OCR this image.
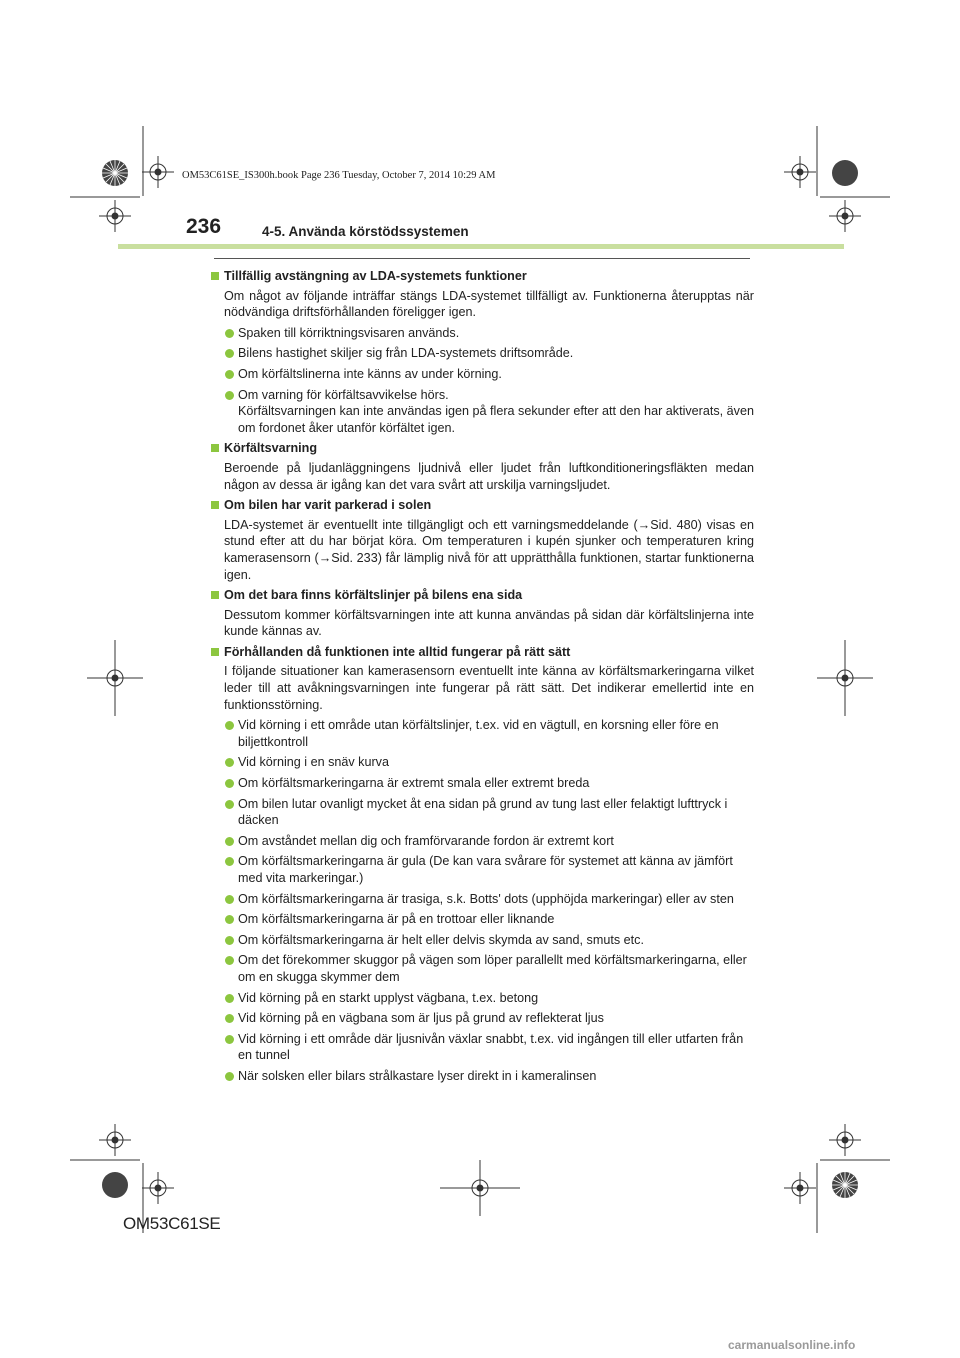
OM53C61SE_IS300h.book Page 236 Tuesday, October 7, 2014 10:29 AM
236	4-5. Använda körstödssystemen
Tillfällig avstängning av LDA-systemets funktioner
Om något av följande inträffar stängs LDA-systemet tillfälligt av. Funktionerna återupptas när nödvändiga driftsförhållanden föreligger igen.
Spaken till körriktningsvisaren används.
Bilens hastighet skiljer sig från LDA-systemets driftsområde.
Om körfältslinerna inte känns av under körning.
Om varning för körfältsavvikelse hörs.
Körfältsvarningen kan inte användas igen på flera sekunder efter att den har aktiverats, även om fordonet åker utanför körfältet igen.
Körfältsvarning
Beroende på ljudanläggningens ljudnivå eller ljudet från luftkonditioneringsfläkten medan någon av dessa är igång kan det vara svårt att urskilja varningsljudet.
Om bilen har varit parkerad i solen
LDA-systemet är eventuellt inte tillgängligt och ett varningsmeddelande (→Sid. 480) visas en stund efter att du har börjat köra. Om temperaturen i kupén sjunker och temperaturen kring kamerasensorn (→Sid. 233) får lämplig nivå för att upprätthålla funktionen, startar funktionerna igen.
Om det bara finns körfältslinjer på bilens ena sida
Dessutom kommer körfältsvarningen inte att kunna användas på sidan där körfältslinjerna inte kunde kännas av.
Förhållanden då funktionen inte alltid fungerar på rätt sätt
I följande situationer kan kamerasensorn eventuellt inte känna av körfältsmarkeringarna vilket leder till att avåkningsvarningen inte fungerar på rätt sätt. Det indikerar emellertid inte en funktionsstörning.
Vid körning i ett område utan körfältslinjer, t.ex. vid en vägtull, en korsning eller före en biljettkontroll
Vid körning i en snäv kurva
Om körfältsmarkeringarna är extremt smala eller extremt breda
Om bilen lutar ovanligt mycket åt ena sidan på grund av tung last eller felaktigt lufttryck i däcken
Om avståndet mellan dig och framförvarande fordon är extremt kort
Om körfältsmarkeringarna är gula (De kan vara svårare för systemet att känna av jämfört med vita markeringar.)
Om körfältsmarkeringarna är trasiga, s.k. Botts' dots (upphöjda markeringar) eller av sten
Om körfältsmarkeringarna är på en trottoar eller liknande
Om körfältsmarkeringarna är helt eller delvis skymda av sand, smuts etc.
Om det förekommer skuggor på vägen som löper parallellt med körfältsmarkeringarna, eller om en skugga skymmer dem
Vid körning på en starkt upplyst vägbana, t.ex. betong
Vid körning på en vägbana som är ljus på grund av reflekterat ljus
Vid körning i ett område där ljusnivån växlar snabbt, t.ex. vid ingången till eller utfarten från en tunnel
När solsken eller bilars strålkastare lyser direkt in i kameralinsen
OM53C61SE
carmanualsonline.info
